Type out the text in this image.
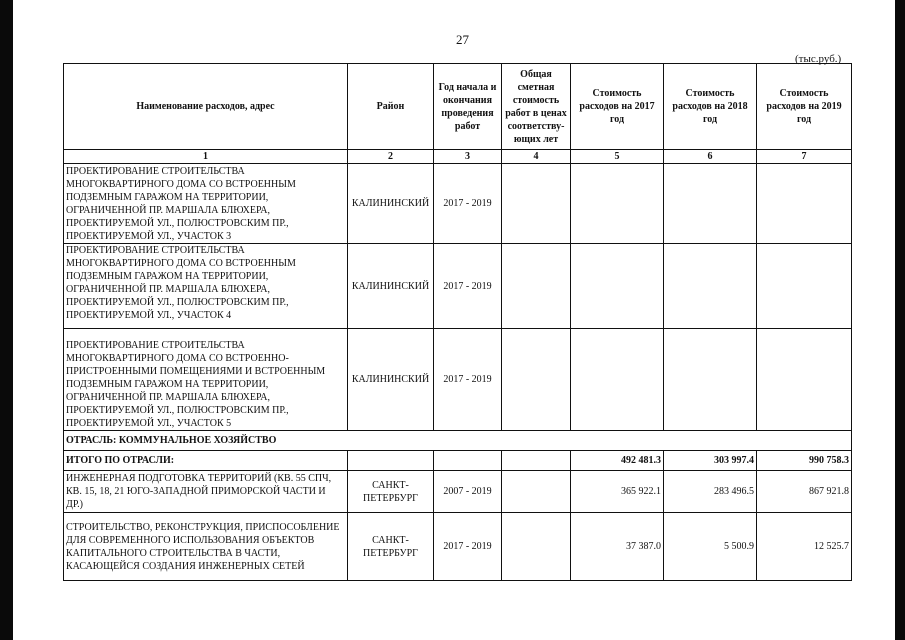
27
(тыс.руб.)
Наименование расходов, адрес	Район	Год начала и окончания проведения работ	Общая сметная стоимость работ в ценах соответству-ющих лет	Стоимость расходов на 2017 год	Стоимость расходов на 2018 год	Стоимость расходов на 2019 год
1	2	3	4	5	6	7
ПРОЕКТИРОВАНИЕ СТРОИТЕЛЬСТВА МНОГОКВАРТИРНОГО ДОМА СО ВСТРОЕННЫМ ПОДЗЕМНЫМ ГАРАЖОМ НА ТЕРРИТОРИИ, ОГРАНИЧЕННОЙ ПР. МАРШАЛА БЛЮХЕРА, ПРОЕКТИРУЕМОЙ УЛ., ПОЛЮСТРОВСКИМ ПР., ПРОЕКТИРУЕМОЙ УЛ., УЧАСТОК 3	КАЛИНИНСКИЙ	2017 - 2019				
ПРОЕКТИРОВАНИЕ СТРОИТЕЛЬСТВА МНОГОКВАРТИРНОГО ДОМА СО ВСТРОЕННЫМ ПОДЗЕМНЫМ ГАРАЖОМ НА ТЕРРИТОРИИ, ОГРАНИЧЕННОЙ ПР. МАРШАЛА БЛЮХЕРА, ПРОЕКТИРУЕМОЙ УЛ., ПОЛЮСТРОВСКИМ ПР., ПРОЕКТИРУЕМОЙ УЛ., УЧАСТОК 4	КАЛИНИНСКИЙ	2017 - 2019				
ПРОЕКТИРОВАНИЕ СТРОИТЕЛЬСТВА МНОГОКВАРТИРНОГО ДОМА СО ВСТРОЕННО-ПРИСТРОЕННЫМИ ПОМЕЩЕНИЯМИ И ВСТРОЕННЫМ ПОДЗЕМНЫМ ГАРАЖОМ НА ТЕРРИТОРИИ, ОГРАНИЧЕННОЙ ПР. МАРШАЛА БЛЮХЕРА, ПРОЕКТИРУЕМОЙ УЛ., ПОЛЮСТРОВСКИМ ПР., ПРОЕКТИРУЕМОЙ УЛ., УЧАСТОК 5	КАЛИНИНСКИЙ	2017 - 2019				
ОТРАСЛЬ: КОММУНАЛЬНОЕ ХОЗЯЙСТВО						
ИТОГО ПО ОТРАСЛИ:				492 481.3	303 997.4	990 758.3
ИНЖЕНЕРНАЯ ПОДГОТОВКА ТЕРРИТОРИЙ (КВ. 55 СПЧ, КВ. 15, 18, 21 ЮГО-ЗАПАДНОЙ ПРИМОРСКОЙ ЧАСТИ И ДР.)	САНКТ-ПЕТЕРБУРГ	2007 - 2019		365 922.1	283 496.5	867 921.8
СТРОИТЕЛЬСТВО, РЕКОНСТРУКЦИЯ, ПРИСПОСОБЛЕНИЕ ДЛЯ СОВРЕМЕННОГО ИСПОЛЬЗОВАНИЯ ОБЪЕКТОВ КАПИТАЛЬНОГО СТРОИТЕЛЬСТВА В ЧАСТИ, КАСАЮЩЕЙСЯ СОЗДАНИЯ ИНЖЕНЕРНЫХ СЕТЕЙ	САНКТ-ПЕТЕРБУРГ	2017 - 2019		37 387.0	5 500.9	12 525.7
